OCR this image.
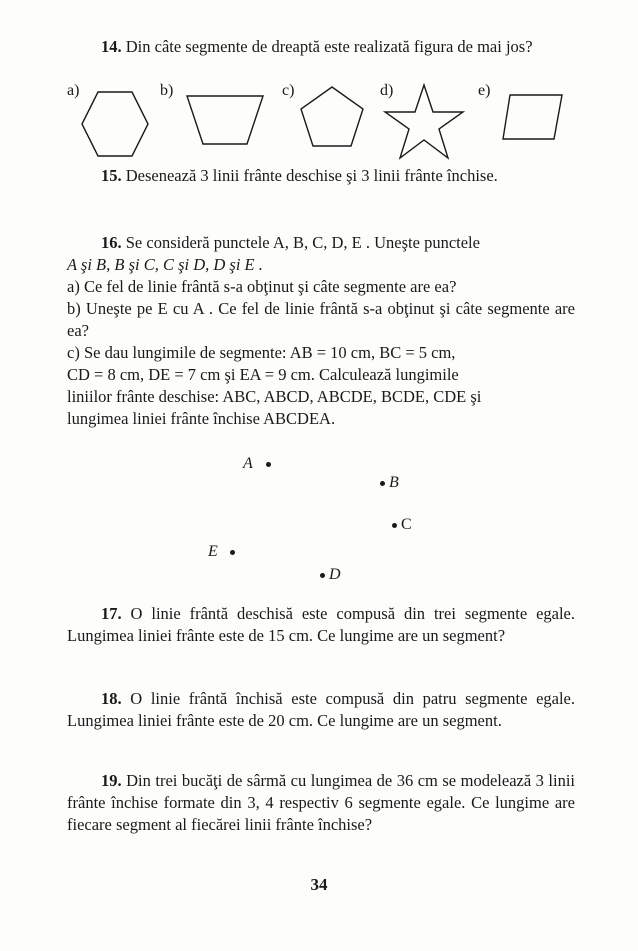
14. Din câte segmente de dreaptă este realizată figura de mai jos?

a)	b)	c)	d)	e)

15. Desenează 3 linii frânte deschise şi 3 linii frânte închise.

16. Se consideră punctele A, B, C, D, E . Uneşte punctele

A şi B, B şi C, C şi D, D şi E .

a) Ce fel de linie frântă s-a obţinut şi câte segmente are ea?

b) Uneşte pe E cu A . Ce fel de linie frântă s-a obţinut şi câte segmente are ea?

c) Se dau lungimile de segmente: AB = 10 cm, BC = 5 cm,

CD = 8 cm, DE = 7 cm şi EA = 9 cm. Calculează lungimile

liniilor frânte deschise: ABC, ABCD, ABCDE, BCDE, CDE şi

lungimea liniei frânte închise ABCDEA.

A
B
C
E
D

17. O linie frântă deschisă este compusă din trei segmente egale. Lungimea liniei frânte este de 15 cm. Ce lungime are un segment?

18. O linie frântă închisă este compusă din patru segmente egale. Lungimea liniei frânte este de 20 cm. Ce lungime are un segment.

19. Din trei bucăţi de sârmă cu lungimea de 36 cm se modelează 3 linii frânte închise formate din 3, 4 respectiv 6 segmente egale. Ce lungime are fiecare segment al fiecărei linii frânte închise?

34
